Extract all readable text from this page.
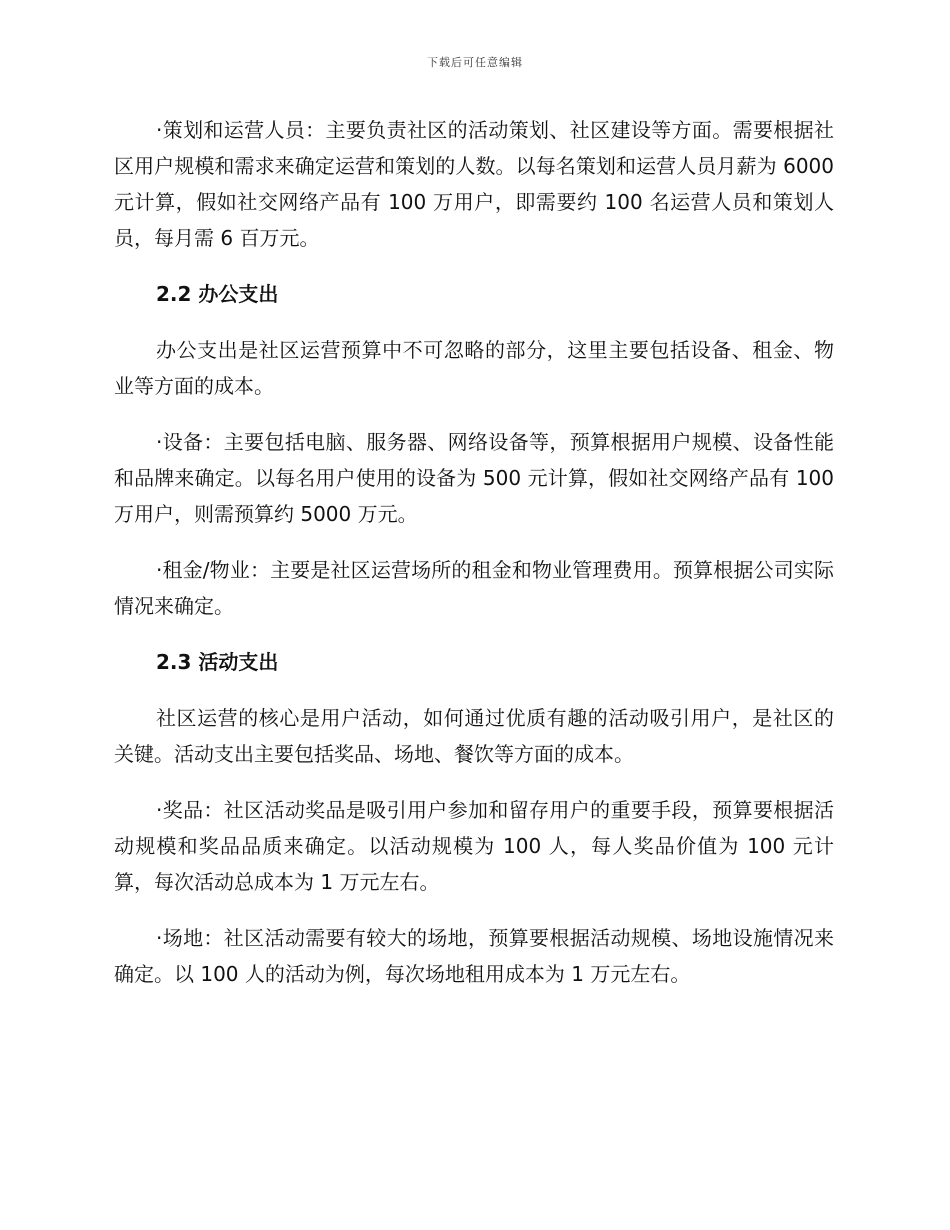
下载后可任意编辑

·策划和运营人员：主要负责社区的活动策划、社区建设等方面。需要根据社区用户规模和需求来确定运营和策划的人数。以每名策划和运营人员月薪为 6000 元计算，假如社交网络产品有 100 万用户，即需要约 100 名运营人员和策划人员，每月需 6 百万元。

2.2 办公支出

办公支出是社区运营预算中不可忽略的部分，这里主要包括设备、租金、物业等方面的成本。

·设备：主要包括电脑、服务器、网络设备等，预算根据用户规模、设备性能和品牌来确定。以每名用户使用的设备为 500 元计算，假如社交网络产品有 100 万用户，则需预算约 5000 万元。

·租金/物业：主要是社区运营场所的租金和物业管理费用。预算根据公司实际情况来确定。

2.3 活动支出

社区运营的核心是用户活动，如何通过优质有趣的活动吸引用户，是社区的关键。活动支出主要包括奖品、场地、餐饮等方面的成本。

·奖品：社区活动奖品是吸引用户参加和留存用户的重要手段，预算要根据活动规模和奖品品质来确定。以活动规模为 100 人，每人奖品价值为 100 元计算，每次活动总成本为 1 万元左右。

·场地：社区活动需要有较大的场地，预算要根据活动规模、场地设施情况来确定。以 100 人的活动为例，每次场地租用成本为 1 万元左右。
